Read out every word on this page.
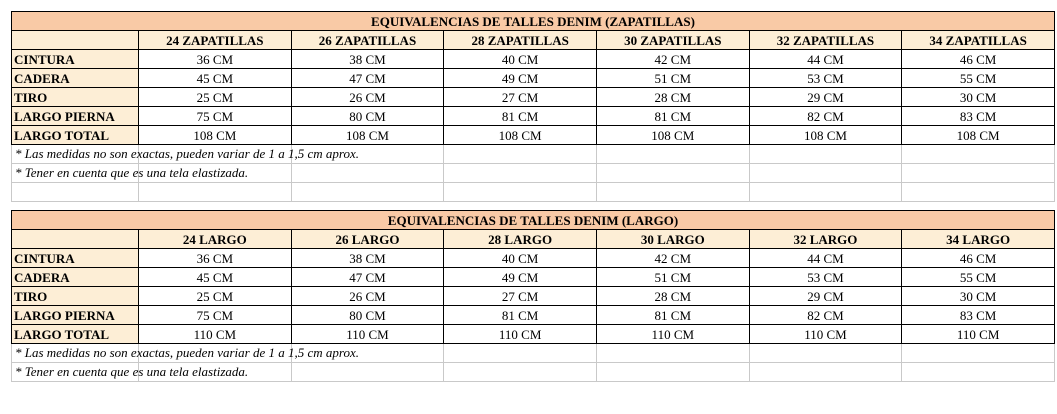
EQUIVALENCIAS DE TALLES DENIM (ZAPATILLAS)						
	24 ZAPATILLAS	26 ZAPATILLAS	28 ZAPATILLAS	30 ZAPATILLAS	32 ZAPATILLAS	34 ZAPATILLAS
CINTURA	36 CM	38 CM	40 CM	42 CM	44 CM	46 CM
CADERA	45 CM	47 CM	49 CM	51 CM	53 CM	55 CM
TIRO	25 CM	26 CM	27 CM	28 CM	29 CM	30 CM
LARGO PIERNA	75 CM	80 CM	81 CM	81 CM	82 CM	83 CM
LARGO TOTAL	108 CM	108 CM	108 CM	108 CM	108 CM	108 CM

* Las medidas no son exactas, pueden variar de 1 a 1,5 cm aprox.						

* Tener en cuenta que es una tela elastizada.						

EQUIVALENCIAS DE TALLES DENIM (LARGO)						
	24 LARGO	26 LARGO	28 LARGO	30 LARGO	32 LARGO	34 LARGO
CINTURA	36 CM	38 CM	40 CM	42 CM	44 CM	46 CM
CADERA	45 CM	47 CM	49 CM	51 CM	53 CM	55 CM
TIRO	25 CM	26 CM	27 CM	28 CM	29 CM	30 CM
LARGO PIERNA	75 CM	80 CM	81 CM	81 CM	82 CM	83 CM
LARGO TOTAL	110 CM	110 CM	110 CM	110 CM	110 CM	110 CM

* Las medidas no son exactas, pueden variar de 1 a 1,5 cm aprox.						

* Tener en cuenta que es una tela elastizada.						
